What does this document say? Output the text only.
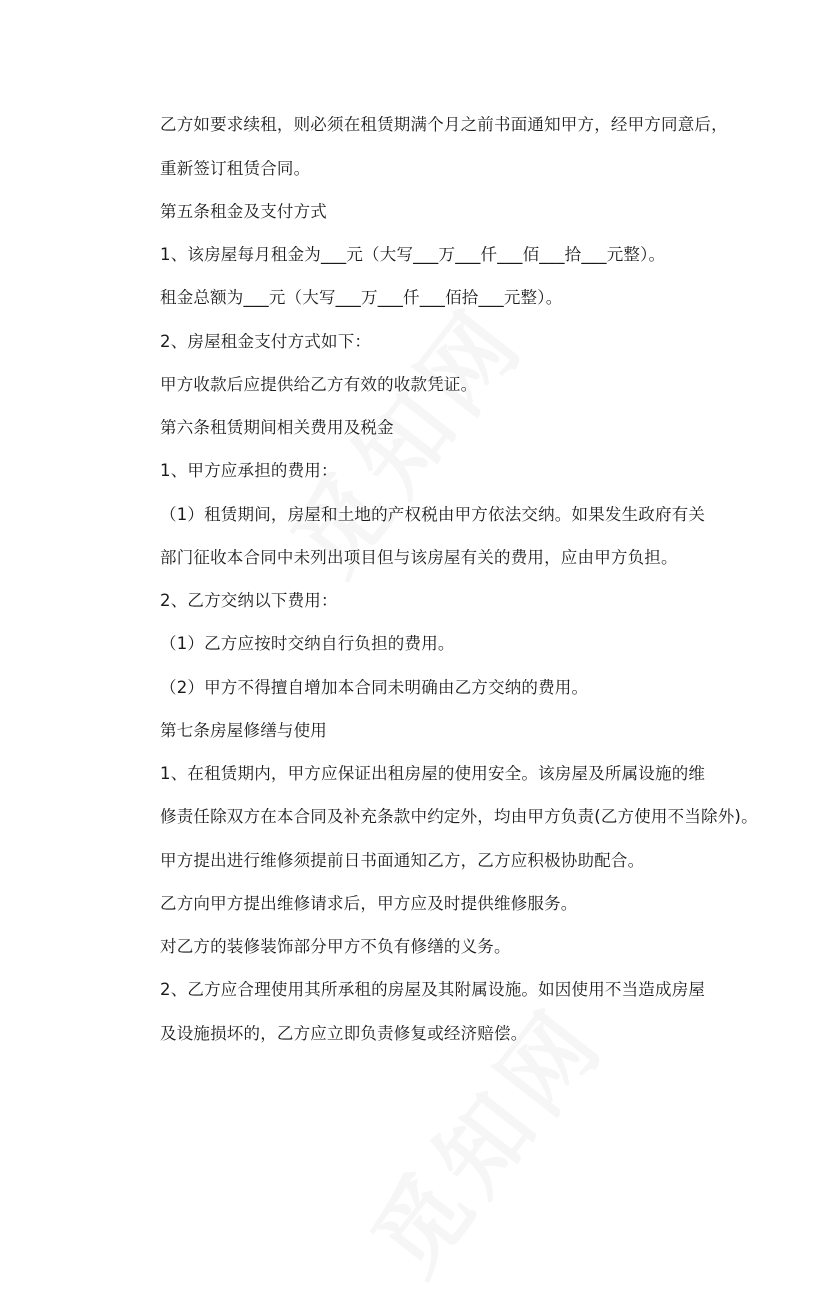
乙方如要求续租，则必须在租赁期满个月之前书面通知甲方，经甲方同意后，
重新签订租赁合同。
第五条租金及支付方式
1、该房屋每月租金为___元（大写___万___仟___佰___拾___元整）。
租金总额为___元（大写___万___仟___佰拾___元整）。
2、房屋租金支付方式如下：
甲方收款后应提供给乙方有效的收款凭证。
第六条租赁期间相关费用及税金
1、甲方应承担的费用：
（1）租赁期间，房屋和土地的产权税由甲方依法交纳。如果发生政府有关
部门征收本合同中未列出项目但与该房屋有关的费用，应由甲方负担。
2、乙方交纳以下费用：
（1）乙方应按时交纳自行负担的费用。
（2）甲方不得擅自增加本合同未明确由乙方交纳的费用。
第七条房屋修缮与使用
1、在租赁期内，甲方应保证出租房屋的使用安全。该房屋及所属设施的维
修责任除双方在本合同及补充条款中约定外，均由甲方负责(乙方使用不当除外)。
甲方提出进行维修须提前日书面通知乙方，乙方应积极协助配合。
乙方向甲方提出维修请求后，甲方应及时提供维修服务。
对乙方的装修装饰部分甲方不负有修缮的义务。
2、乙方应合理使用其所承租的房屋及其附属设施。如因使用不当造成房屋
及设施损坏的，乙方应立即负责修复或经济赔偿。
